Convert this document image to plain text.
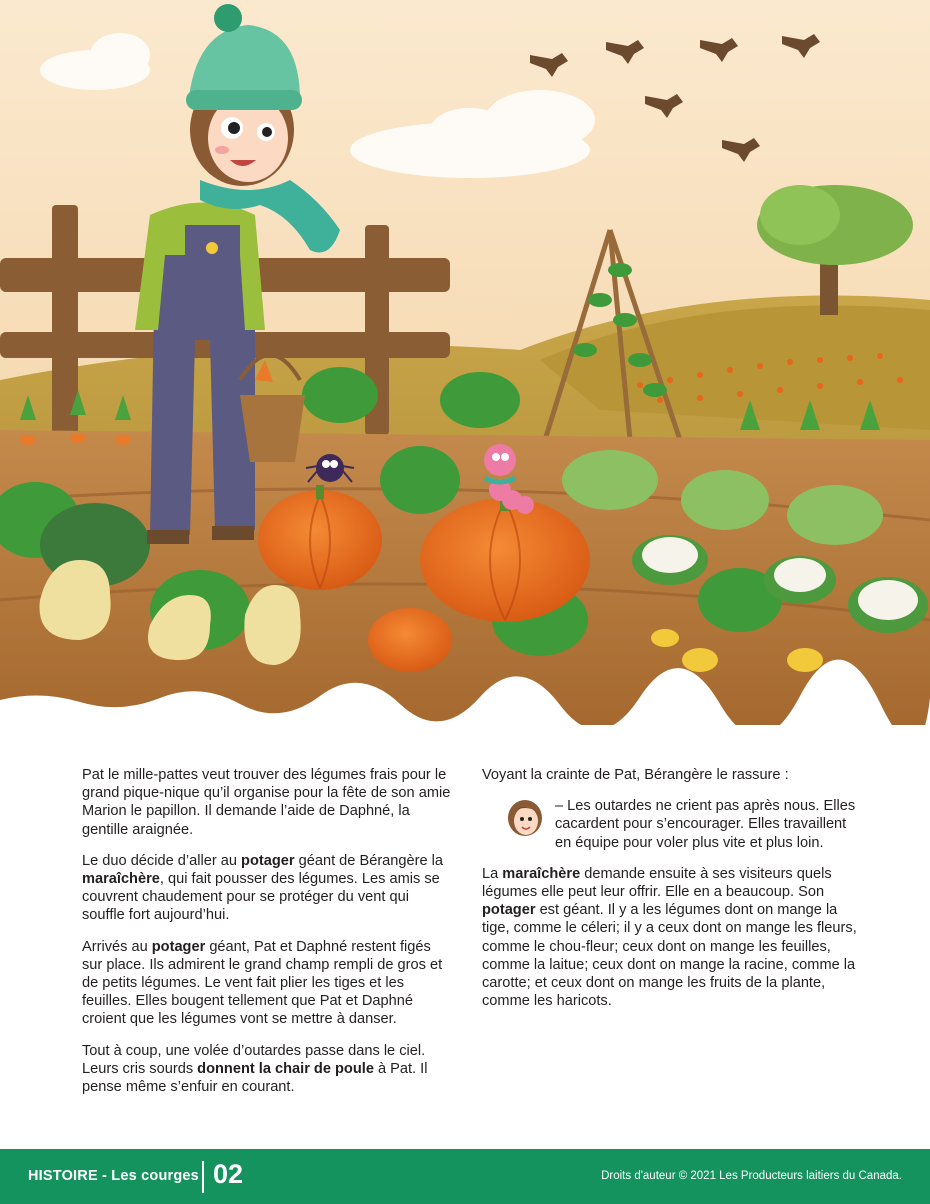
Pat le mille-pattes veut trouver des légumes frais pour le grand pique-nique qu’il organise pour la fête de son amie Marion le papillon. Il demande l’aide de Daphné, la gentille araignée.

Le duo décide d’aller au potager géant de Bérangère la maraîchère, qui fait pousser des légumes. Les amis se couvrent chaudement pour se protéger du vent qui souffle fort aujourd’hui.

Arrivés au potager géant, Pat et Daphné restent figés sur place. Ils admirent le grand champ rempli de gros et de petits légumes. Le vent fait plier les tiges et les feuilles. Elles bougent tellement que Pat et Daphné croient que les légumes vont se mettre à danser.

Tout à coup, une volée d’outardes passe dans le ciel. Leurs cris sourds donnent la chair de poule à Pat. Il pense même s’enfuir en courant.

Voyant la crainte de Pat, Bérangère le rassure :

– Les outardes ne crient pas après nous. Elles cacardent pour s’encourager. Elles travaillent en équipe pour voler plus vite et plus loin.

La maraîchère demande ensuite à ses visiteurs quels légumes elle peut leur offrir. Elle en a beaucoup. Son potager est géant. Il y a les légumes dont on mange la tige, comme le céleri; il y a ceux dont on mange les fleurs, comme le chou-fleur; ceux dont on mange les feuilles, comme la laitue; ceux dont on mange la racine, comme la carotte; et ceux dont on mange les fruits de la plante, comme les haricots.

HISTOIRE - Les courges 02	Droits d'auteur © 2021 Les Producteurs laitiers du Canada.
